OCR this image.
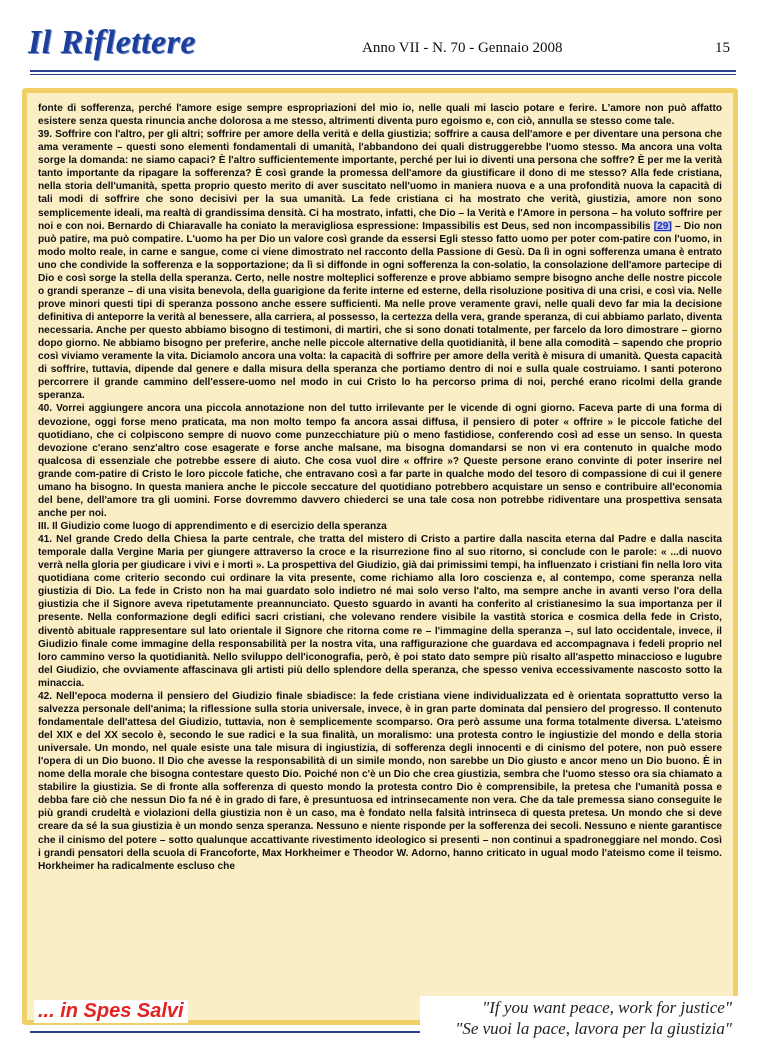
Il Riflettere	Anno VII - N. 70 - Gennaio 2008	15

fonte di sofferenza, perché l'amore esige sempre espropriazioni del mio io, nelle quali mi lascio potare e ferire. L'amore non può affatto esistere senza questa rinuncia anche dolorosa a me stesso, altrimenti diventa puro egoismo e, con ciò, annulla se stesso come tale.

39. Soffrire con l'altro, per gli altri; soffrire per amore della verità e della giustizia; soffrire a causa dell'amore e per diventare una persona che ama veramente – questi sono elementi fondamentali di umanità, l'abbandono dei quali distruggerebbe l'uomo stesso. Ma ancora una volta sorge la domanda: ne siamo capaci? È l'altro sufficientemente importante, perché per lui io diventi una persona che soffre? È per me la verità tanto importante da ripagare la sofferenza? È così grande la promessa dell'amore da giustificare il dono di me stesso? Alla fede cristiana, nella storia dell'umanità, spetta proprio questo merito di aver suscitato nell'uomo in maniera nuova e a una profondità nuova la capacità di tali modi di soffrire che sono decisivi per la sua umanità. La fede cristiana ci ha mostrato che verità, giustizia, amore non sono semplicemente ideali, ma realtà di grandissima densità. Ci ha mostrato, infatti, che Dio – la Verità e l'Amore in persona – ha voluto soffrire per noi e con noi. Bernardo di Chiaravalle ha coniato la meravigliosa espressione: Impassibilis est Deus, sed non incompassibilis [29] – Dio non può patire, ma può compatire. L'uomo ha per Dio un valore così grande da essersi Egli stesso fatto uomo per poter com-patire con l'uomo, in modo molto reale, in carne e sangue, come ci viene dimostrato nel racconto della Passione di Gesù. Da lì in ogni sofferenza umana è entrato uno che condivide la sofferenza e la sopportazione; da lì si diffonde in ogni sofferenza la con-solatio, la consolazione dell'amore partecipe di Dio e così sorge la stella della speranza. Certo, nelle nostre molteplici sofferenze e prove abbiamo sempre bisogno anche delle nostre piccole o grandi speranze – di una visita benevola, della guarigione da ferite interne ed esterne, della risoluzione positiva di una crisi, e così via. Nelle prove minori questi tipi di speranza possono anche essere sufficienti. Ma nelle prove veramente gravi, nelle quali devo far mia la decisione definitiva di anteporre la verità al benessere, alla carriera, al possesso, la certezza della vera, grande speranza, di cui abbiamo parlato, diventa necessaria. Anche per questo abbiamo bisogno di testimoni, di martiri, che si sono donati totalmente, per farcelo da loro dimostrare – giorno dopo giorno. Ne abbiamo bisogno per preferire, anche nelle piccole alternative della quotidianità, il bene alla comodità – sapendo che proprio così viviamo veramente la vita. Diciamolo ancora una volta: la capacità di soffrire per amore della verità è misura di umanità. Questa capacità di soffrire, tuttavia, dipende dal genere e dalla misura della speranza che portiamo dentro di noi e sulla quale costruiamo. I santi poterono percorrere il grande cammino dell'essere-uomo nel modo in cui Cristo lo ha percorso prima di noi, perché erano ricolmi della grande speranza.

40. Vorrei aggiungere ancora una piccola annotazione non del tutto irrilevante per le vicende di ogni giorno. Faceva parte di una forma di devozione, oggi forse meno praticata, ma non molto tempo fa ancora assai diffusa, il pensiero di poter « offrire » le piccole fatiche del quotidiano, che ci colpiscono sempre di nuovo come punzecchiature più o meno fastidiose, conferendo così ad esse un senso. In questa devozione c'erano senz'altro cose esagerate e forse anche malsane, ma bisogna domandarsi se non vi era contenuto in qualche modo qualcosa di essenziale che potrebbe essere di aiuto. Che cosa vuol dire « offrire »? Queste persone erano convinte di poter inserire nel grande com-patire di Cristo le loro piccole fatiche, che entravano così a far parte in qualche modo del tesoro di compassione di cui il genere umano ha bisogno. In questa maniera anche le piccole seccature del quotidiano potrebbero acquistare un senso e contribuire all'economia del bene, dell'amore tra gli uomini. Forse dovremmo davvero chiederci se una tale cosa non potrebbe ridiventare una prospettiva sensata anche per noi.

III. Il Giudizio come luogo di apprendimento e di esercizio della speranza

41. Nel grande Credo della Chiesa la parte centrale, che tratta del mistero di Cristo a partire dalla nascita eterna dal Padre e dalla nascita temporale dalla Vergine Maria per giungere attraverso la croce e la risurrezione fino al suo ritorno, si conclude con le parole: « ...di nuovo verrà nella gloria per giudicare i vivi e i morti ». La prospettiva del Giudizio, già dai primissimi tempi, ha influenzato i cristiani fin nella loro vita quotidiana come criterio secondo cui ordinare la vita presente, come richiamo alla loro coscienza e, al contempo, come speranza nella giustizia di Dio. La fede in Cristo non ha mai guardato solo indietro né mai solo verso l'alto, ma sempre anche in avanti verso l'ora della giustizia che il Signore aveva ripetutamente preannunciato. Questo sguardo in avanti ha conferito al cristianesimo la sua importanza per il presente. Nella conformazione degli edifici sacri cristiani, che volevano rendere visibile la vastità storica e cosmica della fede in Cristo, diventò abituale rappresentare sul lato orientale il Signore che ritorna come re – l'immagine della speranza –, sul lato occidentale, invece, il Giudizio finale come immagine della responsabilità per la nostra vita, una raffigurazione che guardava ed accompagnava i fedeli proprio nel loro cammino verso la quotidianità. Nello sviluppo dell'iconografia, però, è poi stato dato sempre più risalto all'aspetto minaccioso e lugubre del Giudizio, che ovviamente affascinava gli artisti più dello splendore della speranza, che spesso veniva eccessivamente nascosto sotto la minaccia.

42. Nell'epoca moderna il pensiero del Giudizio finale sbiadisce: la fede cristiana viene individualizzata ed è orientata soprattutto verso la salvezza personale dell'anima; la riflessione sulla storia universale, invece, è in gran parte dominata dal pensiero del progresso. Il contenuto fondamentale dell'attesa del Giudizio, tuttavia, non è semplicemente scomparso. Ora però assume una forma totalmente diversa. L'ateismo del XIX e del XX secolo è, secondo le sue radici e la sua finalità, un moralismo: una protesta contro le ingiustizie del mondo e della storia universale. Un mondo, nel quale esiste una tale misura di ingiustizia, di sofferenza degli innocenti e di cinismo del potere, non può essere l'opera di un Dio buono. Il Dio che avesse la responsabilità di un simile mondo, non sarebbe un Dio giusto e ancor meno un Dio buono. È in nome della morale che bisogna contestare questo Dio. Poiché non c'è un Dio che crea giustizia, sembra che l'uomo stesso ora sia chiamato a stabilire la giustizia. Se di fronte alla sofferenza di questo mondo la protesta contro Dio è comprensibile, la pretesa che l'umanità possa e debba fare ciò che nessun Dio fa né è in grado di fare, è presuntuosa ed intrinsecamente non vera. Che da tale premessa siano conseguite le più grandi crudeltà e violazioni della giustizia non è un caso, ma è fondato nella falsità intrinseca di questa pretesa. Un mondo che si deve creare da sé la sua giustizia è un mondo senza speranza. Nessuno e niente risponde per la sofferenza dei secoli. Nessuno e niente garantisce che il cinismo del potere – sotto qualunque accattivante rivestimento ideologico si presenti – non continui a spadroneggiare nel mondo. Così i grandi pensatori della scuola di Francoforte, Max Horkheimer e Theodor W. Adorno, hanno criticato in ugual modo l'ateismo come il teismo. Horkheimer ha radicalmente escluso che

... in Spes Salvi	"If you want peace, work for justice"
"Se vuoi la pace, lavora per la giustizia"
